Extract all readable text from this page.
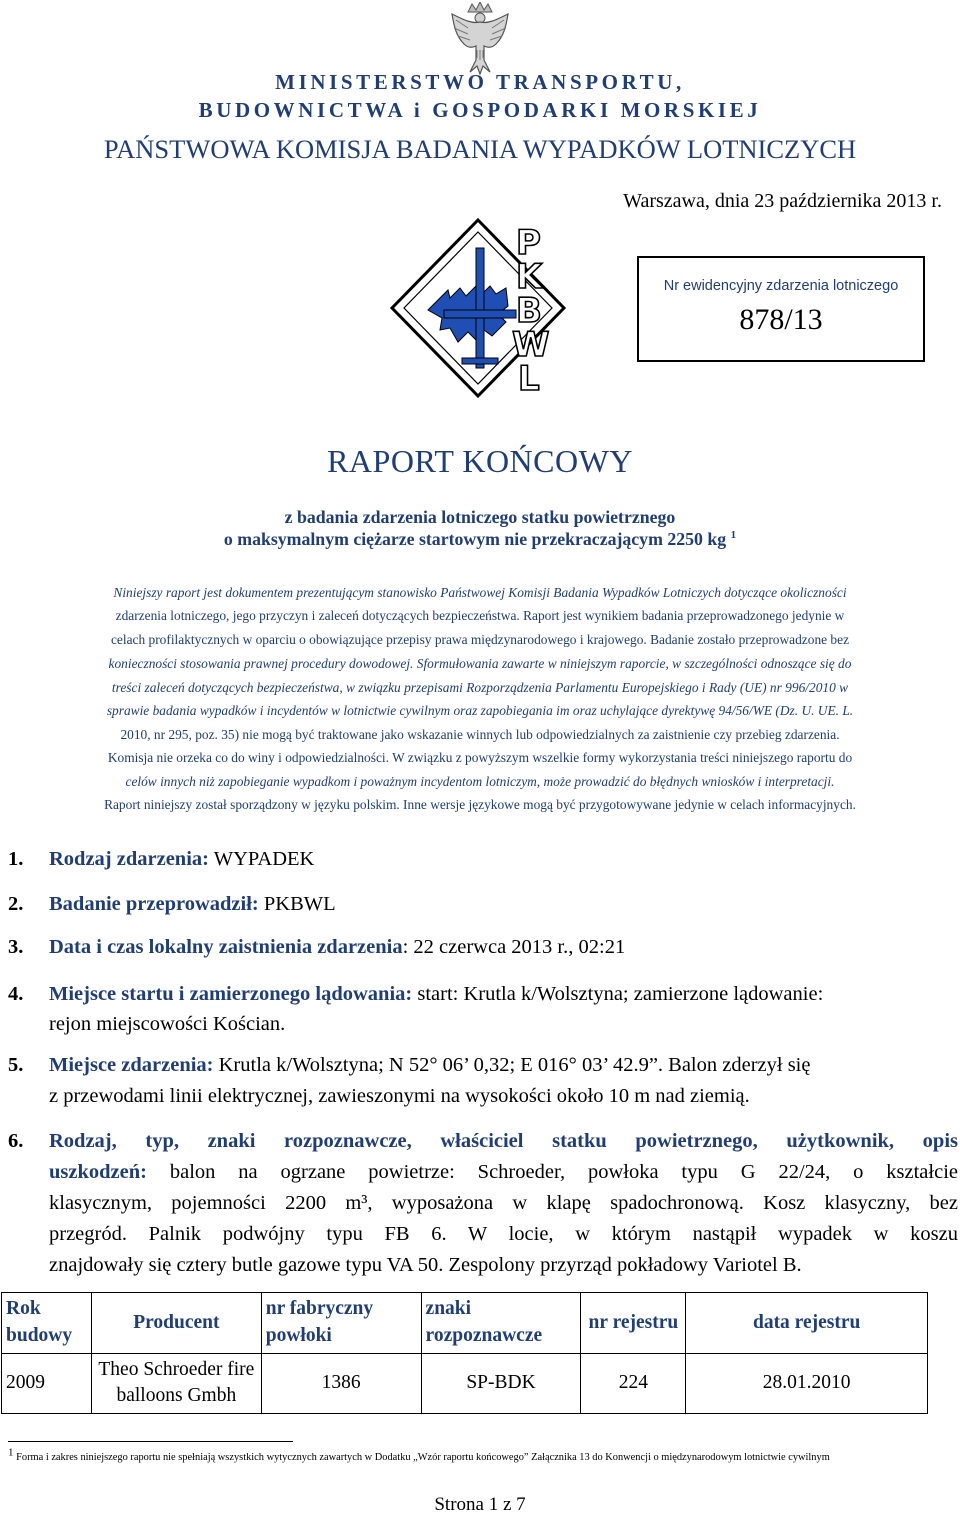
MINISTERSTWO TRANSPORTU,
BUDOWNICTWA i GOSPODARKI MORSKIEJ
PAŃSTWOWA KOMISJA BADANIA WYPADKÓW LOTNICZYCH
Warszawa, dnia 23 października 2013 r.
P
K
B
W
L
Nr ewidencyjny zdarzenia lotniczego
878/13
RAPORT KOŃCOWY
z badania zdarzenia lotniczego statku powietrznego
o maksymalnym ciężarze startowym nie przekraczającym 2250 kg $^1$
Niniejszy raport jest dokumentem prezentującym stanowisko Państwowej Komisji Badania Wypadków Lotniczych dotyczące okoliczności
zdarzenia lotniczego, jego przyczyn i zaleceń dotyczących bezpieczeństwa. Raport jest wynikiem badania przeprowadzonego jedynie w
celach profilaktycznych w oparciu o obowiązujące przepisy prawa międzynarodowego i krajowego. Badanie zostało przeprowadzone bez
konieczności stosowania prawnej procedury dowodowej. Sformułowania zawarte w niniejszym raporcie, w szczególności odnoszące się do
treści zaleceń dotyczących bezpieczeństwa, w związku przepisami Rozporządzenia Parlamentu Europejskiego i Rady (UE) nr 996/2010 w
sprawie badania wypadków i incydentów w lotnictwie cywilnym oraz zapobiegania im oraz uchylające dyrektywę 94/56/WE (Dz. U. UE. L.
2010, nr 295, poz. 35) nie mogą być traktowane jako wskazanie winnych lub odpowiedzialnych za zaistnienie czy przebieg zdarzenia.
Komisja nie orzeka co do winy i odpowiedzialności. W związku z powyższym wszelkie formy wykorzystania treści niniejszego raportu do
celów innych niż zapobieganie wypadkom i poważnym incydentom lotniczym, może prowadzić do błędnych wniosków i interpretacji.
Raport niniejszy został sporządzony w języku polskim. Inne wersje językowe mogą być przygotowywane jedynie w celach informacyjnych.
1. Rodzaj zdarzenia: WYPADEK
2. Badanie przeprowadził: PKBWL
3. Data i czas lokalny zaistnienia zdarzenia: 22 czerwca 2013 r., 02:21
4. Miejsce startu i zamierzonego lądowania: start: Krutla k/Wolsztyna; zamierzone lądowanie:
rejon miejscowości Kościan.
5. Miejsce zdarzenia: Krutla k/Wolsztyna; N 52° 06’ 0,32; E 016° 03’ 42.9”. Balon zderzył się
z przewodami linii elektrycznej, zawieszonymi na wysokości około 10 m nad ziemią.
6. Rodzaj, typ, znaki rozpoznawcze, właściciel statku powietrznego, użytkownik, opis
uszkodzeń: balon na ogrzane powietrze: Schroeder, powłoka typu G 22/24, o kształcie
klasycznym, pojemności 2200 m³, wyposażona w klapę spadochronową. Kosz klasyczny, bez
przegród. Palnik podwójny typu FB 6. W locie, w którym nastąpił wypadek w koszu
znajdowały się cztery butle gazowe typu VA 50. Zespolony przyrząd pokładowy Variotel B.
Rok budowy	Producent	nr fabryczny powłoki	znaki rozpoznawcze	nr rejestru	data rejestru
2009	Theo Schroeder fire balloons Gmbh	1386	SP-BDK	224	28.01.2010
$^1$ Forma i zakres niniejszego raportu nie spełniają wszystkich wytycznych zawartych w Dodatku „Wzór raportu końcowego” Załącznika 13 do Konwencji o międzynarodowym lotnictwie cywilnym
Strona 1 z 7
